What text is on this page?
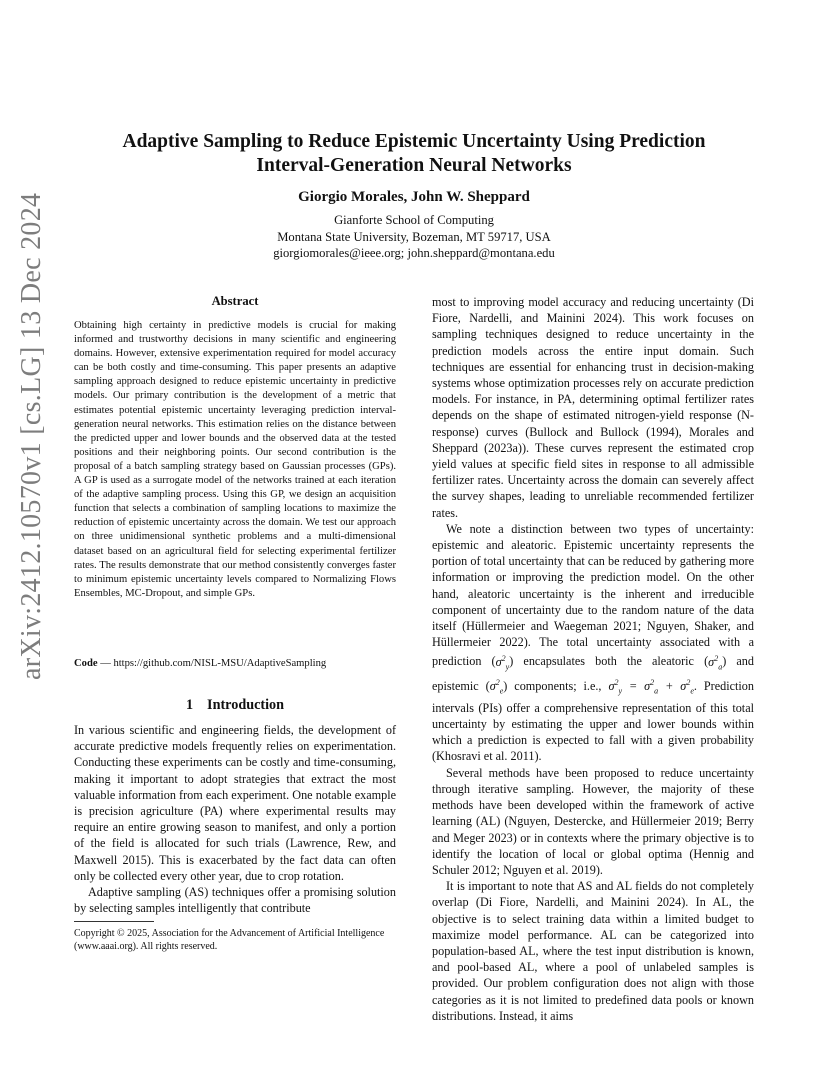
arXiv:2412.10570v1 [cs.LG] 13 Dec 2024
Adaptive Sampling to Reduce Epistemic Uncertainty Using Prediction
Interval-Generation Neural Networks
Giorgio Morales, John W. Sheppard
Gianforte School of Computing
Montana State University, Bozeman, MT 59717, USA
giorgiomorales@ieee.org; john.sheppard@montana.edu
Abstract
Obtaining high certainty in predictive models is crucial for making informed and trustworthy decisions in many scientific and engineering domains. However, extensive experimentation required for model accuracy can be both costly and time-consuming. This paper presents an adaptive sampling approach designed to reduce epistemic uncertainty in predictive models. Our primary contribution is the development of a metric that estimates potential epistemic uncertainty leveraging prediction interval-generation neural networks. This estimation relies on the distance between the predicted upper and lower bounds and the observed data at the tested positions and their neighboring points. Our second contribution is the proposal of a batch sampling strategy based on Gaussian processes (GPs). A GP is used as a surrogate model of the networks trained at each iteration of the adaptive sampling process. Using this GP, we design an acquisition function that selects a combination of sampling locations to maximize the reduction of epistemic uncertainty across the domain. We test our approach on three unidimensional synthetic problems and a multi-dimensional dataset based on an agricultural field for selecting experimental fertilizer rates. The results demonstrate that our method consistently converges faster to minimum epistemic uncertainty levels compared to Normalizing Flows Ensembles, MC-Dropout, and simple GPs.
Code — https://github.com/NISL-MSU/AdaptiveSampling
1 Introduction

In various scientific and engineering fields, the development of accurate predictive models frequently relies on experimentation. Conducting these experiments can be costly and time-consuming, making it important to adopt strategies that extract the most valuable information from each experiment. One notable example is precision agriculture (PA) where experimental results may require an entire growing season to manifest, and only a portion of the field is allocated for such trials (Lawrence, Rew, and Maxwell 2015). This is exacerbated by the fact data can often only be collected every other year, due to crop rotation.

Adaptive sampling (AS) techniques offer a promising solution by selecting samples intelligently that contribute

Copyright © 2025, Association for the Advancement of Artificial Intelligence (www.aaai.org). All rights reserved.

most to improving model accuracy and reducing uncertainty (Di Fiore, Nardelli, and Mainini 2024). This work focuses on sampling techniques designed to reduce uncertainty in the prediction models across the entire input domain. Such techniques are essential for enhancing trust in decision-making systems whose optimization processes rely on accurate prediction models. For instance, in PA, determining optimal fertilizer rates depends on the shape of estimated nitrogen-yield response (N-response) curves (Bullock and Bullock (1994), Morales and Sheppard (2023a)). These curves represent the estimated crop yield values at specific field sites in response to all admissible fertilizer rates. Uncertainty across the domain can severely affect the survey shapes, leading to unreliable recommended fertilizer rates.

We note a distinction between two types of uncertainty: epistemic and aleatoric. Epistemic uncertainty represents the portion of total uncertainty that can be reduced by gathering more information or improving the prediction model. On the other hand, aleatoric uncertainty is the inherent and irreducible component of uncertainty due to the random nature of the data itself (Hüllermeier and Waegeman 2021; Nguyen, Shaker, and Hüllermeier 2022). The total uncertainty associated with a prediction $(\sigma^2_y)$ encapsulates both the aleatoric $(\sigma^2_a)$ and epistemic $(\sigma^2_e)$ components; i.e., $\sigma^2_y = \sigma^2_a + \sigma^2_e$. Prediction intervals (PIs) offer a comprehensive representation of this total uncertainty by estimating the upper and lower bounds within which a prediction is expected to fall with a given probability (Khosravi et al. 2011).

Several methods have been proposed to reduce uncertainty through iterative sampling. However, the majority of these methods have been developed within the framework of active learning (AL) (Nguyen, Destercke, and Hüllermeier 2019; Berry and Meger 2023) or in contexts where the primary objective is to identify the location of local or global optima (Hennig and Schuler 2012; Nguyen et al. 2019).

It is important to note that AS and AL fields do not completely overlap (Di Fiore, Nardelli, and Mainini 2024). In AL, the objective is to select training data within a limited budget to maximize model performance. AL can be categorized into population-based AL, where the test input distribution is known, and pool-based AL, where a pool of unlabeled samples is provided. Our problem configuration does not align with those categories as it is not limited to predefined data pools or known distributions. Instead, it aims
